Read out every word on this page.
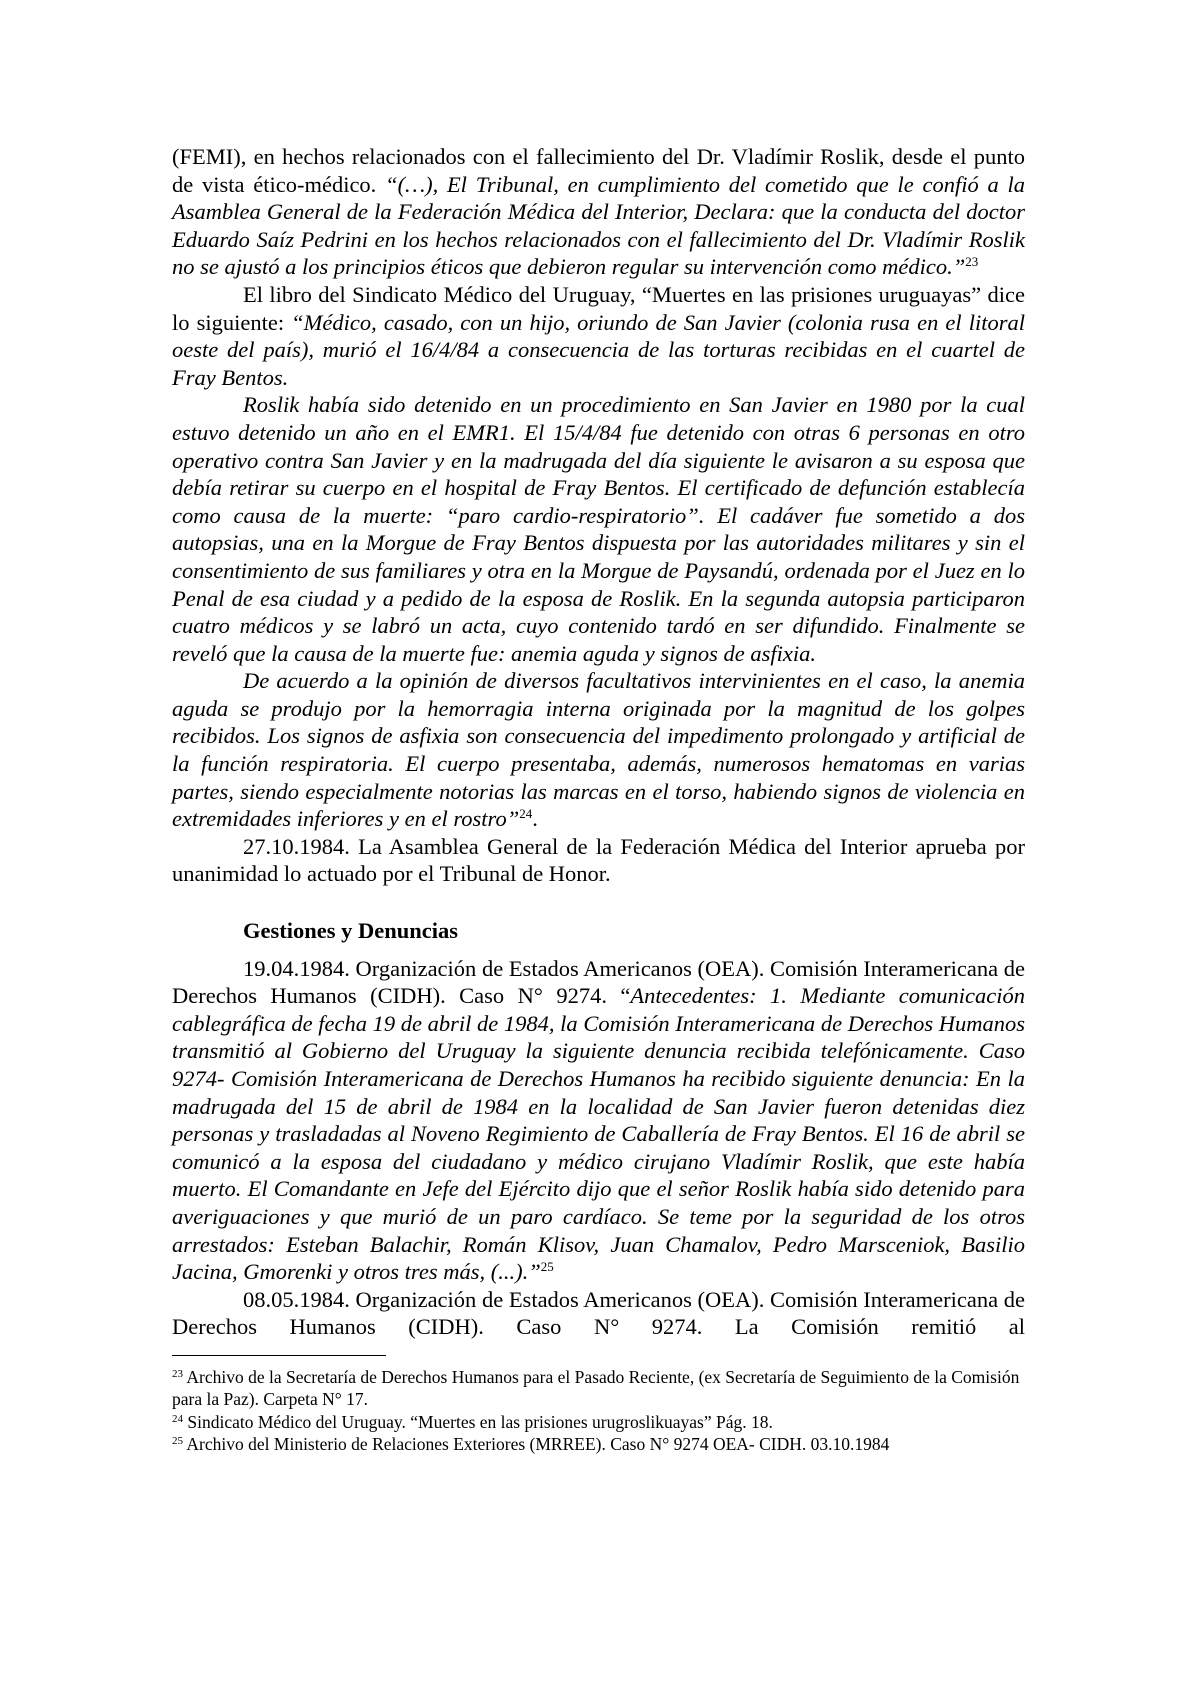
(FEMI), en hechos relacionados con el fallecimiento del Dr. Vladímir Roslik, desde el punto de vista ético-médico. “(…), El Tribunal, en cumplimiento del cometido que le confió a la Asamblea General de la Federación Médica del Interior, Declara: que la conducta del doctor Eduardo Saíz Pedrini en los hechos relacionados con el fallecimiento del Dr. Vladímir Roslik no se ajustó a los principios éticos que debieron regular su intervención como médico.”$^{23}$

El libro del Sindicato Médico del Uruguay, “Muertes en las prisiones uruguayas” dice lo siguiente: “Médico, casado, con un hijo, oriundo de San Javier (colonia rusa en el litoral oeste del país), murió el 16/4/84 a consecuencia de las torturas recibidas en el cuartel de Fray Bentos.

Roslik había sido detenido en un procedimiento en San Javier en 1980 por la cual estuvo detenido un año en el EMR1. El 15/4/84 fue detenido con otras 6 personas en otro operativo contra San Javier y en la madrugada del día siguiente le avisaron a su esposa que debía retirar su cuerpo en el hospital de Fray Bentos. El certificado de defunción establecía como causa de la muerte: “paro cardio-respiratorio”. El cadáver fue sometido a dos autopsias, una en la Morgue de Fray Bentos dispuesta por las autoridades militares y sin el consentimiento de sus familiares y otra en la Morgue de Paysandú, ordenada por el Juez en lo Penal de esa ciudad y a pedido de la esposa de Roslik. En la segunda autopsia participaron cuatro médicos y se labró un acta, cuyo contenido tardó en ser difundido. Finalmente se reveló que la causa de la muerte fue: anemia aguda y signos de asfixia.

De acuerdo a la opinión de diversos facultativos intervinientes en el caso, la anemia aguda se produjo por la hemorragia interna originada por la magnitud de los golpes recibidos. Los signos de asfixia son consecuencia del impedimento prolongado y artificial de la función respiratoria. El cuerpo presentaba, además, numerosos hematomas en varias partes, siendo especialmente notorias las marcas en el torso, habiendo signos de violencia en extremidades inferiores y en el rostro”$^{24}$.

27.10.1984. La Asamblea General de la Federación Médica del Interior aprueba por unanimidad lo actuado por el Tribunal de Honor.

Gestiones y Denuncias

19.04.1984. Organización de Estados Americanos (OEA). Comisión Interamericana de Derechos Humanos (CIDH). Caso N° 9274. “Antecedentes: 1. Mediante comunicación cablegráfica de fecha 19 de abril de 1984, la Comisión Interamericana de Derechos Humanos transmitió al Gobierno del Uruguay la siguiente denuncia recibida telefónicamente. Caso 9274- Comisión Interamericana de Derechos Humanos ha recibido siguiente denuncia: En la madrugada del 15 de abril de 1984 en la localidad de San Javier fueron detenidas diez personas y trasladadas al Noveno Regimiento de Caballería de Fray Bentos. El 16 de abril se comunicó a la esposa del ciudadano y médico cirujano Vladímir Roslik, que este había muerto. El Comandante en Jefe del Ejército dijo que el señor Roslik había sido detenido para averiguaciones y que murió de un paro cardíaco. Se teme por la seguridad de los otros arrestados: Esteban Balachir, Román Klisov, Juan Chamalov, Pedro Marsceniok, Basilio Jacina, Gmorenki y otros tres más, (...).”$^{25}$

08.05.1984. Organización de Estados Americanos (OEA). Comisión Interamericana de Derechos Humanos (CIDH). Caso N° 9274. La Comisión remitió al

$^{23}$ Archivo de la Secretaría de Derechos Humanos para el Pasado Reciente, (ex Secretaría de Seguimiento de la Comisión para la Paz). Carpeta N° 17.

$^{24}$ Sindicato Médico del Uruguay. “Muertes en las prisiones urugroslikuayas” Pág. 18.

$^{25}$ Archivo del Ministerio de Relaciones Exteriores (MRREE). Caso N° 9274 OEA- CIDH. 03.10.1984
